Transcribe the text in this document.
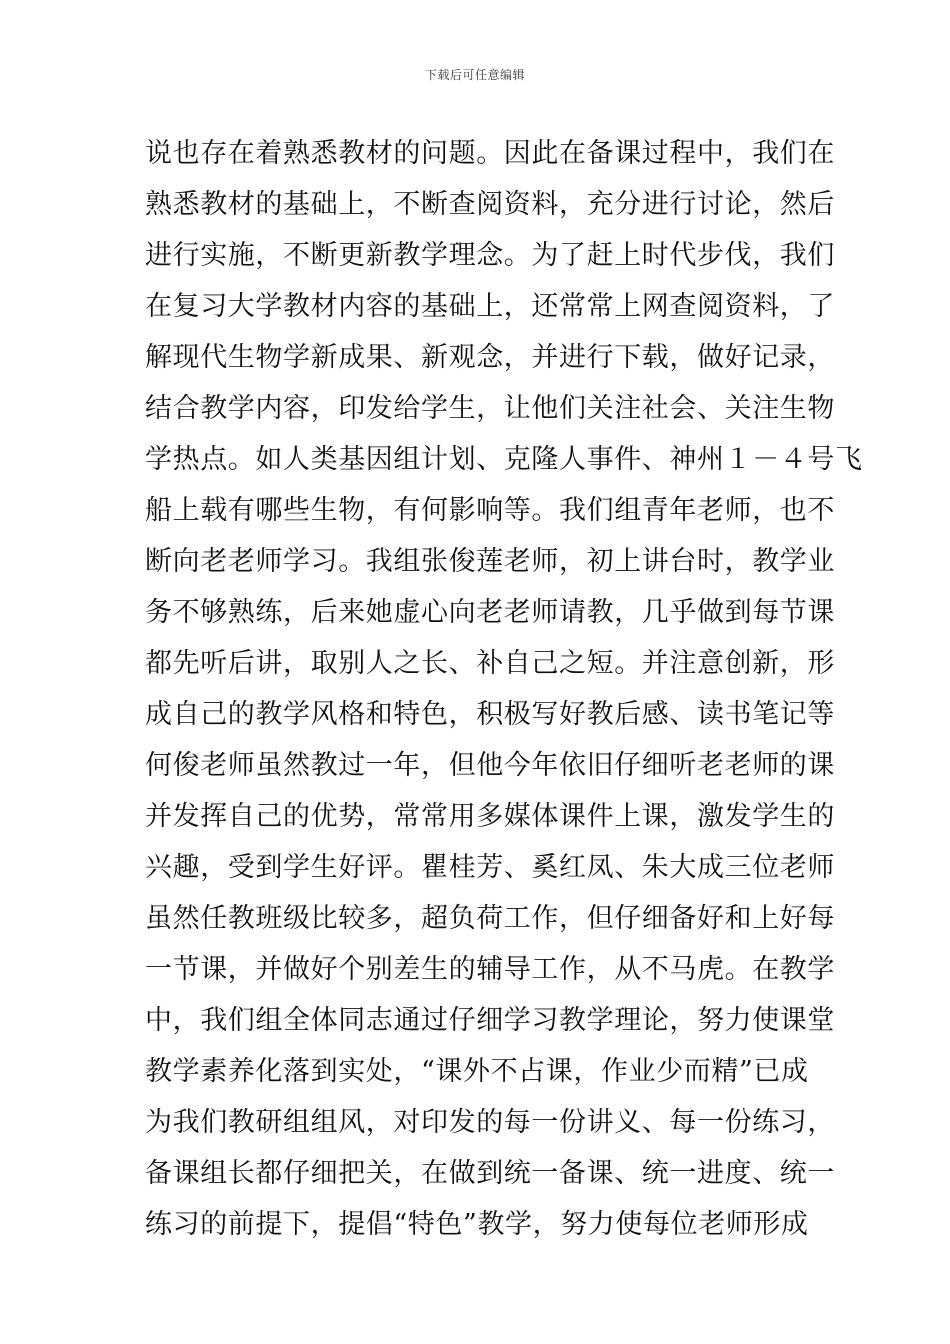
下载后可任意编辑
说也存在着熟悉教材的问题。因此在备课过程中，我们在
熟悉教材的基础上，不断查阅资料，充分进行讨论，然后
进行实施，不断更新教学理念。为了赶上时代步伐，我们
在复习大学教材内容的基础上，还常常上网查阅资料，了
解现代生物学新成果、新观念，并进行下载，做好记录，
结合教学内容，印发给学生，让他们关注社会、关注生物
学热点。如人类基因组计划、克隆人事件、神州１－４号飞
船上载有哪些生物，有何影响等。我们组青年老师，也不
断向老老师学习。我组张俊莲老师，初上讲台时，教学业
务不够熟练，后来她虚心向老老师请教，几乎做到每节课
都先听后讲，取别人之长、补自己之短。并注意创新，形
成自己的教学风格和特色，积极写好教后感、读书笔记等
何俊老师虽然教过一年，但他今年依旧仔细听老老师的课
并发挥自己的优势，常常用多媒体课件上课，激发学生的
兴趣，受到学生好评。瞿桂芳、奚红凤、朱大成三位老师
虽然任教班级比较多，超负荷工作，但仔细备好和上好每
一节课，并做好个别差生的辅导工作，从不马虎。在教学
中，我们组全体同志通过仔细学习教学理论，努力使课堂
教学素养化落到实处，“课外不占课，作业少而精”已成
为我们教研组组风，对印发的每一份讲义、每一份练习，
备课组长都仔细把关，在做到统一备课、统一进度、统一
练习的前提下，提倡“特色”教学，努力使每位老师形成
